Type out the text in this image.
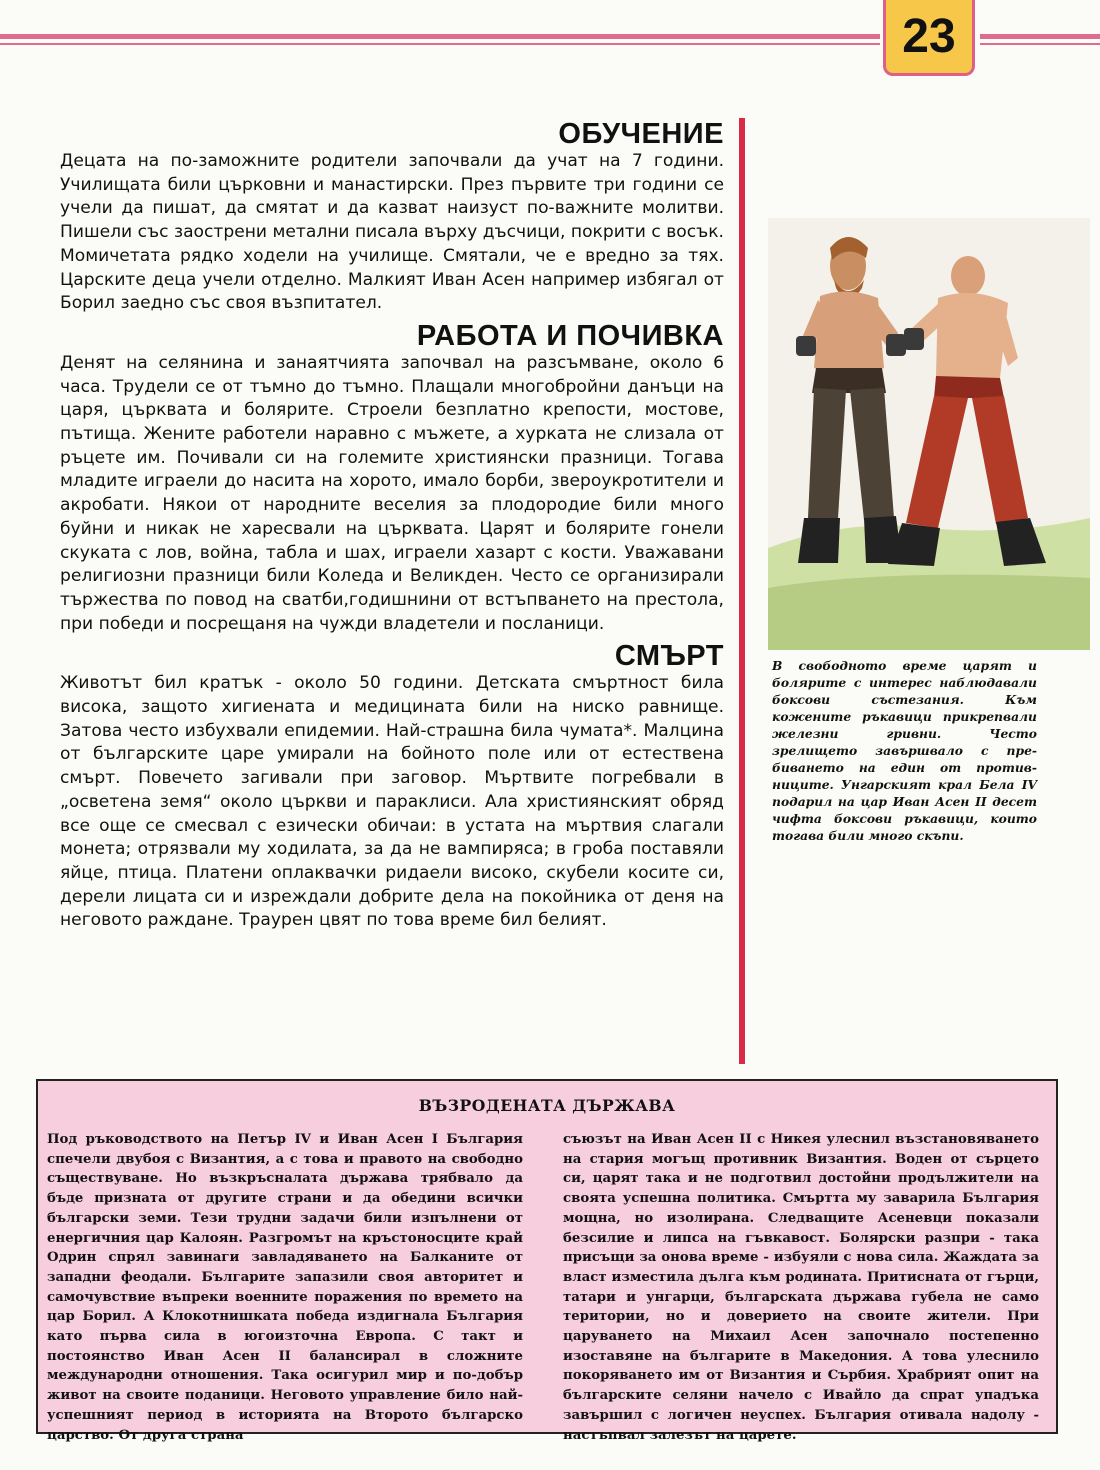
23
ОБУЧЕНИЕ

Децата на по-заможните родители започвали да учат на 7 години. Училищата били църковни и манастирски. През първите три години се учели да пишат, да смятат и да казват наизуст по-важните молитви. Пишели със заострени метални писала върху дъсчици, покрити с восък. Момичетата рядко ходели на училище. Смятали, че е вредно за тях. Царските деца учели отделно. Малкият Иван Асен например избягал от Борил заедно със своя възпитател.

РАБОТА И ПОЧИВКА

Денят на селянина и занаятчията започвал на разсъмване, около 6 часа. Трудели се от тъмно до тъмно. Плащали многобройни данъци на царя, църквата и болярите. Строели безплатно крепости, мостове, пътища. Жените работели наравно с мъжете, а хурката не слизала от ръцете им. Почивали си на големите християнски празници. Тогава младите играели до насита на хорото, имало борби, звероукротители и акробати. Някои от народните веселия за плодородие били много буйни и никак не харесвали на църквата. Царят и болярите гонели скуката с лов, война, табла и шах, играели хазарт с кости. Уважавани религиозни празници били Коледа и Великден. Често се организирали тържества по повод на сватби,годишнини от встъпването на престола, при победи и посрещаня на чужди владетели и посланици.

СМЪРТ

Животът бил кратък - около 50 години. Детската смъртност била висока, защото хигиената и медицината били на ниско равнище. Затова често избухвали епидемии. Най-страшна била чумата*. Малцина от българските царе умирали на бойното поле или от естествена смърт. Повечето загивали при заговор. Мъртвите погребвали в „осветена земя“ около църкви и параклиси. Ала християнският обряд все още се смесвал с езически обичаи: в устата на мъртвия слагали монета; отрязвали му ходилата, за да не вампиряса; в гроба поставяли яйце, птица. Платени оплаквачки ридаели високо, скубели косите си, дерели лицата си и изреждали добрите дела на покойника от деня на неговото раждане. Траурен цвят по това време бил белият.

В свободното време царят и болярите с интерес наблюдавали боксови състезания. Към кожените ръкавици прикрепвали железни гривни. Често зрелището завършвало с пребиването на един от противниците. Унгарският крал Бела IV подарил на цар Иван Асен II десет чифта боксови ръкавици, които тогава били много скъпи.
ВЪЗРОДЕНАТА ДЪРЖАВА
Под ръководството на Петър IV и Иван Асен I България спечели двубоя с Византия, а с това и правото на свободно съществуване. Но възкръсналата държава трябвало да бъде призната от другите страни и да обедини всички български земи. Тези трудни задачи били изпълнени от енергичния цар Калоян. Разгромът на кръстоносците край Одрин спрял завинаги завладяването на Балканите от западни феодали. Българите запазили своя авторитет и самочувствие въпреки военните поражения по времето на цар Борил. А Клокотнишката победа издигнала България като първа сила в югоизточна Европа. С такт и постоянство Иван Асен II балансирал в сложните международни отношения. Така осигурил мир и по-добър живот на своите поданици. Неговото управление било най-успешният период в историята на Второто българско царство. От друга страна
съюзът на Иван Асен II с Никея улеснил възстановяването на стария могъщ противник Византия. Воден от сърцето си, царят така и не подготвил достойни продължители на своята успешна политика. Смъртта му заварила България мощна, но изолирана. Следващите Асеневци показали безсилие и липса на гъвкавост. Болярски разпри - така присъщи за онова време - избуяли с нова сила. Жаждата за власт изместила дълга към родината. Притисната от гърци, татари и унгарци, българската държава губела не само територии, но и доверието на своите жители. При царуването на Михаил Асен започнало постепенно изоставяне на българите в Македония. А това улеснило покоряването им от Византия и Сърбия. Храбрият опит на българските селяни начело с Ивайло да спрат упадъка завършил с логичен неуспех. България отивала надолу - настъпвал залезът на царете.
